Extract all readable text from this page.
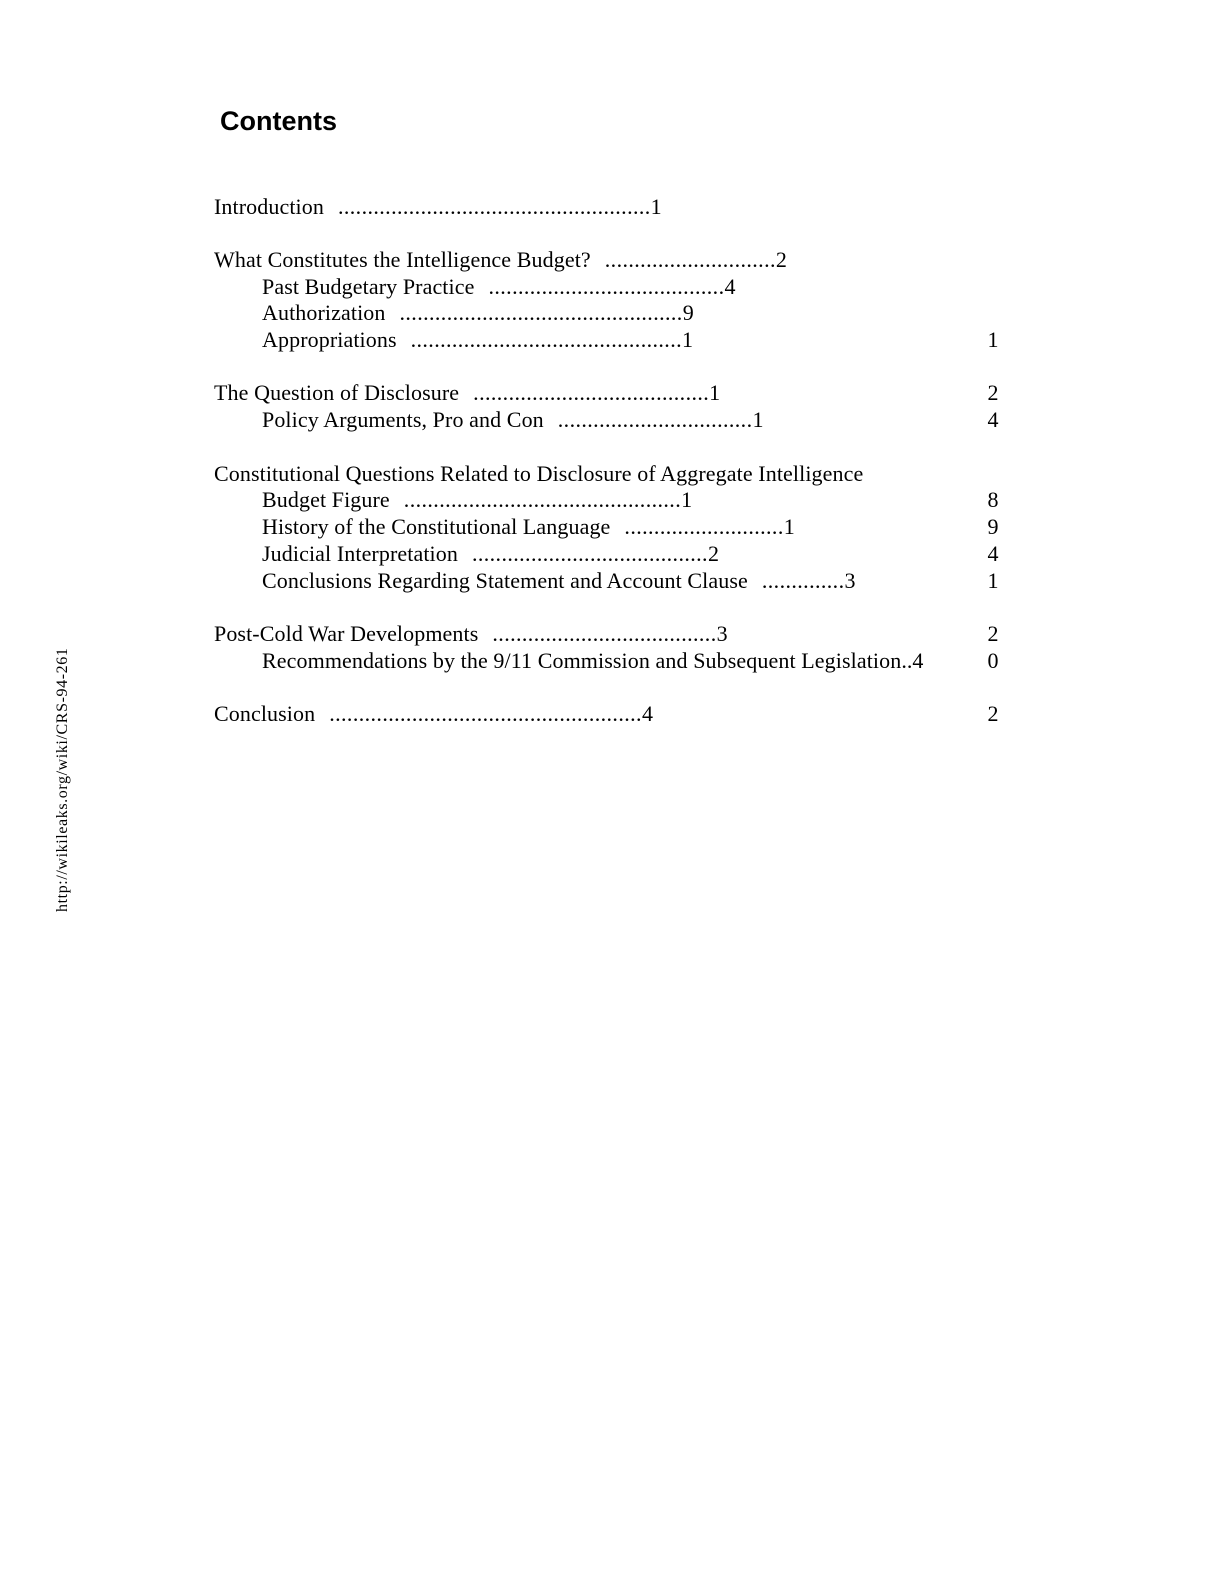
http://wikileaks.org/wiki/CRS-94-261
Contents
Introduction .....................................................1
What Constitutes the Intelligence Budget? .............................2
Past Budgetary Practice ........................................4
Authorization ................................................9
Appropriations ..............................................1	1
The Question of Disclosure ........................................1	2
Policy Arguments, Pro and Con .................................1	4
Constitutional Questions Related to Disclosure of Aggregate Intelligence
Budget Figure ...............................................1	8
History of the Constitutional Language ...........................1	9
Judicial Interpretation ........................................2	4
Conclusions Regarding Statement and Account Clause ..............3	1
Post-Cold War Developments ......................................3	2
Recommendations by the 9/11 Commission and Subsequent Legislation..4	0
Conclusion .....................................................4	2
